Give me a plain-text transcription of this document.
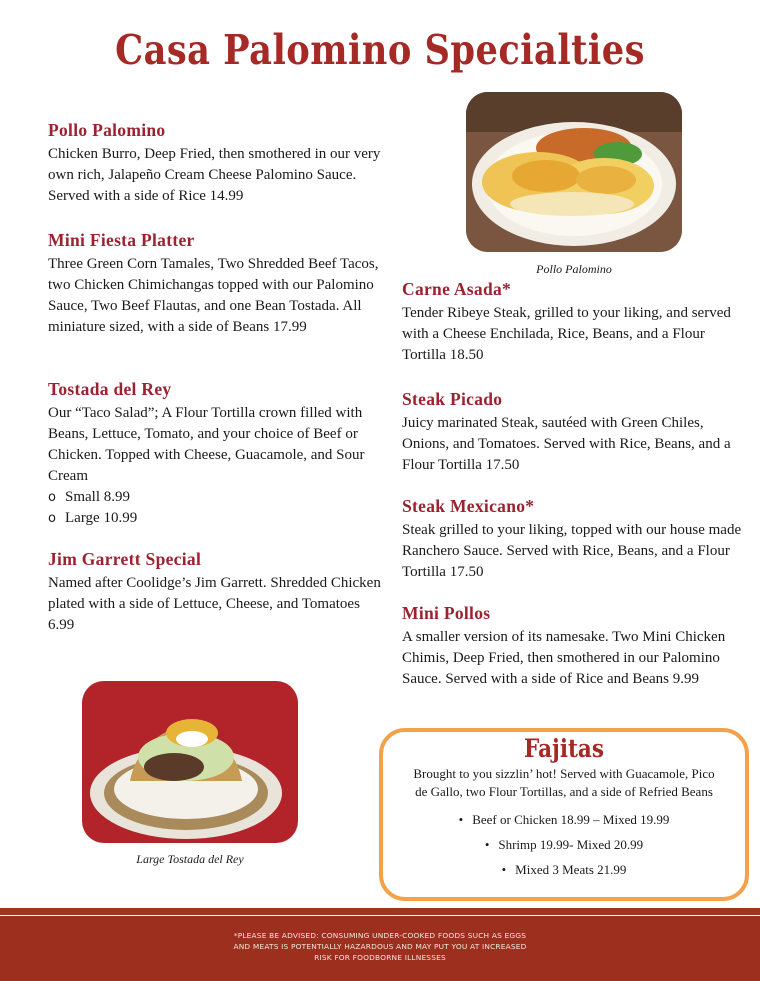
Casa Palomino Specialties
Pollo Palomino

Chicken Burro, Deep Fried, then smothered in our very own rich, Jalapeño Cream Cheese Palomino Sauce. Served with a side of Rice 14.99

Mini Fiesta Platter

Three Green Corn Tamales, Two Shredded Beef Tacos, two Chicken Chimichangas topped with our Palomino Sauce, Two Beef Flautas, and one Bean Tostada. All miniature sized, with a side of Beans 17.99

Tostada del Rey

Our “Taco Salad”; A Flour Tortilla crown filled with Beans, Lettuce, Tomato, and your choice of Beef or Chicken. Topped with Cheese, Guacamole, and Sour Cream

o Small 8.99
o Large 10.99
Jim Garrett Special

Named after Coolidge’s Jim Garrett. Shredded Chicken plated with a side of Lettuce, Cheese, and Tomatoes 6.99

Pollo Palomino
Carne Asada*

Tender Ribeye Steak, grilled to your liking, and served with a Cheese Enchilada, Rice, Beans, and a Flour Tortilla 18.50

Steak Picado

Juicy marinated Steak, sautéed with Green Chiles, Onions, and Tomatoes. Served with Rice, Beans, and a Flour Tortilla 17.50

Steak Mexicano*

Steak grilled to your liking, topped with our house made Ranchero Sauce. Served with Rice, Beans, and a Flour Tortilla 17.50

Mini Pollos

A smaller version of its namesake. Two Mini Chicken Chimis, Deep Fried, then smothered in our Palomino Sauce. Served with a side of Rice and Beans 9.99

Large Tostada del Rey
Fajitas

Brought to you sizzlin’ hot! Served with Guacamole, Pico de Gallo, two Flour Tortillas, and a side of Refried Beans

• Beef or Chicken 18.99 – Mixed 19.99
• Shrimp 19.99- Mixed 20.99
• Mixed 3 Meats 21.99

*PLEASE BE ADVISED: CONSUMING UNDER-COOKED FOODS SUCH AS EGGS AND MEATS IS POTENTIALLY HAZARDOUS AND MAY PUT YOU AT INCREASED RISK FOR FOODBORNE ILLNESSES
